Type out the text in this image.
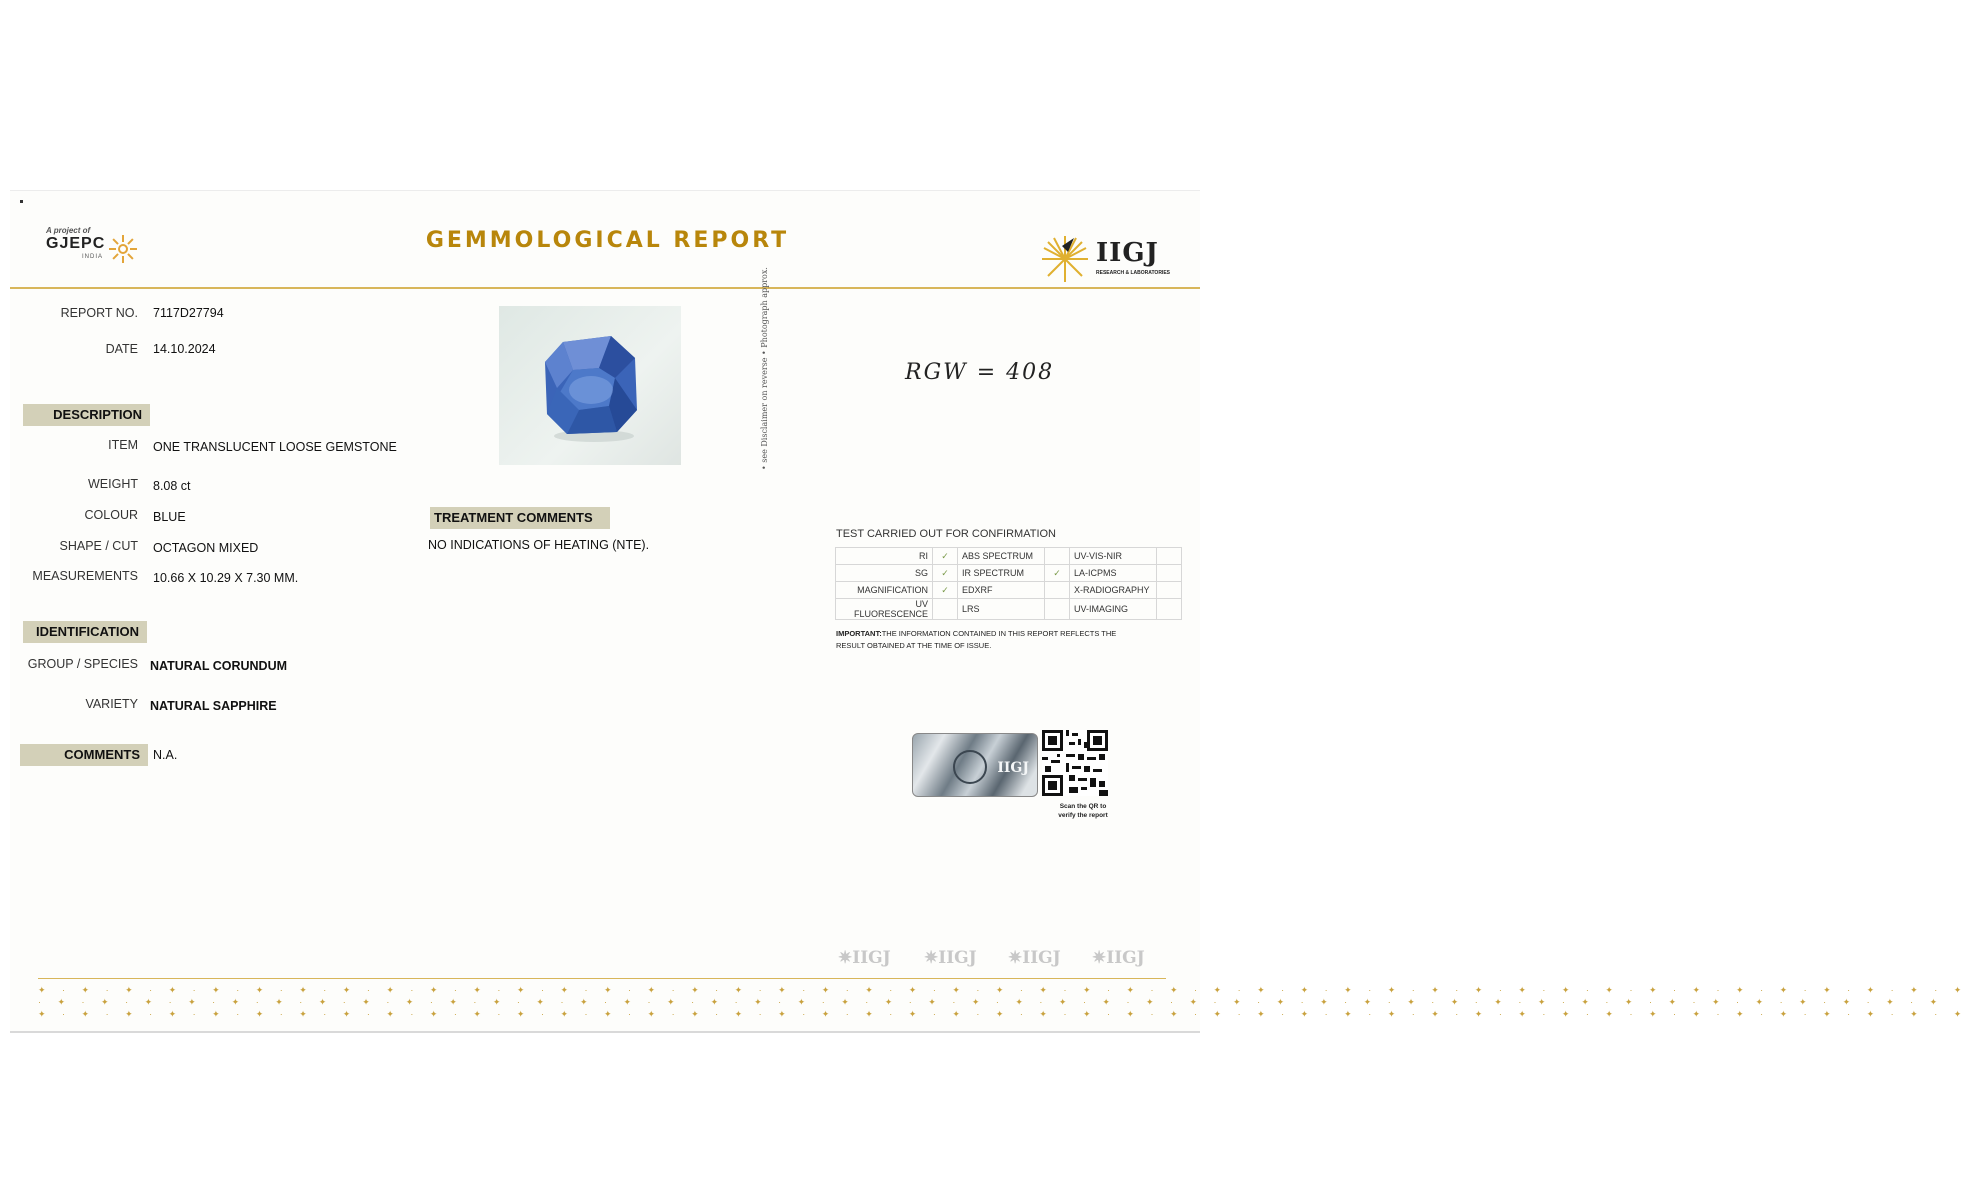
A project of
GJEPC
INDIA
GEMMOLOGICAL REPORT	IIGJ
RESEARCH & LABORATORIES
REPORT NO. 7117D27794
DATE 14.10.2024
DESCRIPTION
ITEM ONE TRANSLUCENT LOOSE GEMSTONE
WEIGHT 8.08 ct
COLOUR BLUE
SHAPE / CUT OCTAGON MIXED
MEASUREMENTS 10.66 X 10.29 X 7.30 MM.
IDENTIFICATION
GROUP / SPECIES NATURAL CORUNDUM
VARIETY NATURAL SAPPHIRE
COMMENTS	N.A.
• see Disclaimer on reverse • Photograph approx.	RGW = 408
TREATMENT COMMENTS
NO INDICATIONS OF HEATING (NTE).
TEST CARRIED OUT FOR CONFIRMATION
RI	✓	ABS SPECTRUM		UV-VIS-NIR	
SG	✓	IR SPECTRUM	✓	LA-ICPMS	
MAGNIFICATION	✓	EDXRF		X-RADIOGRAPHY	
UV FLUORESCENCE		LRS		UV-IMAGING	
IMPORTANT:THE INFORMATION CONTAINED IN THIS REPORT REFLECTS THE RESULT OBTAINED AT THE TIME OF ISSUE.
IIGJ
Scan the QR to
verify the report
✷IIGJ ✷IIGJ ✷IIGJ ✷IIGJ
✦ · ✦ · ✦ · ✦ · ✦ · ✦ · ✦ · ✦ · ✦ · ✦ · ✦ · ✦ · ✦ · ✦ · ✦ · ✦ · ✦ · ✦ · ✦ · ✦ · ✦ · ✦ · ✦ · ✦ · ✦ · ✦ · ✦ · ✦ · ✦ · ✦ · ✦ · ✦ · ✦ · ✦ · ✦ · ✦ · ✦ · ✦ · ✦ · ✦ · ✦ · ✦ · ✦ · ✦ · ✦
· ✦ · ✦ · ✦ · ✦ · ✦ · ✦ · ✦ · ✦ · ✦ · ✦ · ✦ · ✦ · ✦ · ✦ · ✦ · ✦ · ✦ · ✦ · ✦ · ✦ · ✦ · ✦ · ✦ · ✦ · ✦ · ✦ · ✦ · ✦ · ✦ · ✦ · ✦ · ✦ · ✦ · ✦ · ✦ · ✦ · ✦ · ✦ · ✦ · ✦ · ✦ · ✦ · ✦ · ✦
✦ · ✦ · ✦ · ✦ · ✦ · ✦ · ✦ · ✦ · ✦ · ✦ · ✦ · ✦ · ✦ · ✦ · ✦ · ✦ · ✦ · ✦ · ✦ · ✦ · ✦ · ✦ · ✦ · ✦ · ✦ · ✦ · ✦ · ✦ · ✦ · ✦ · ✦ · ✦ · ✦ · ✦ · ✦ · ✦ · ✦ · ✦ · ✦ · ✦ · ✦ · ✦ · ✦ · ✦ · ✦
